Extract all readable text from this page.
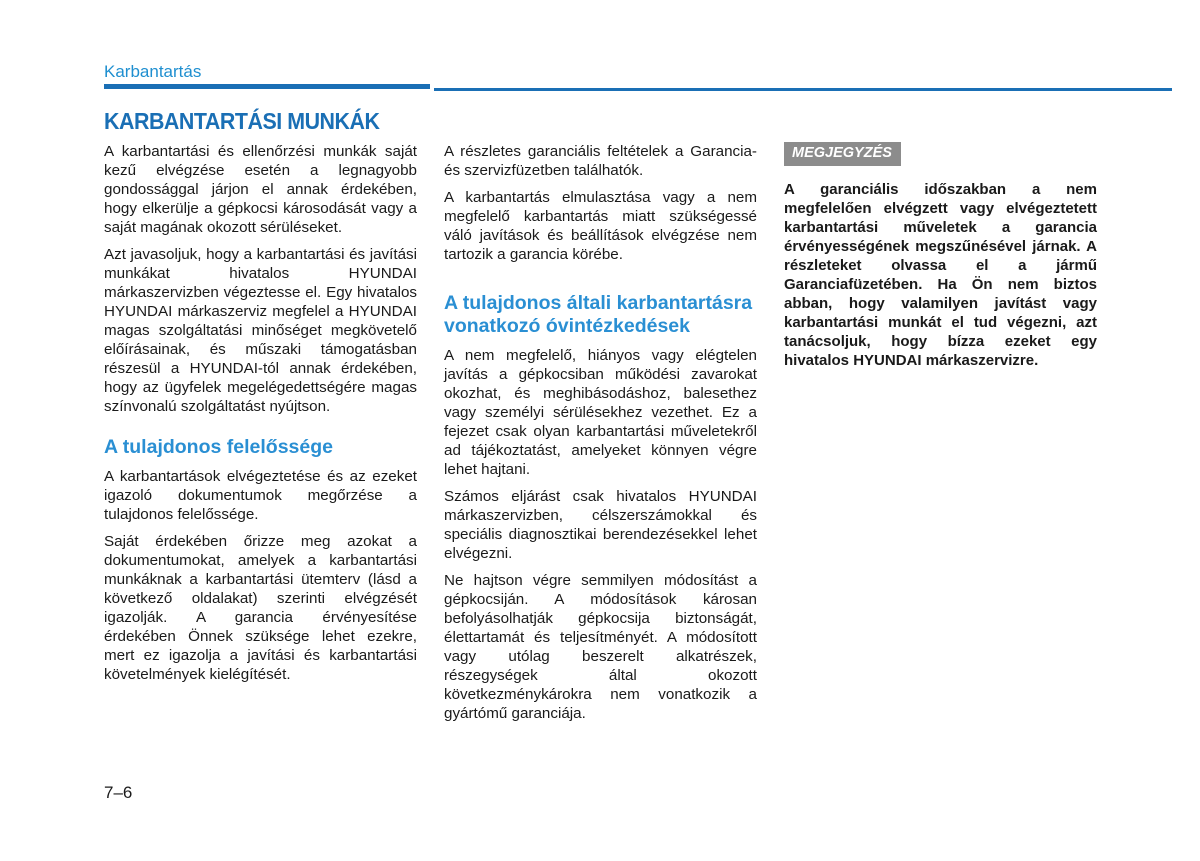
Karbantartás
KARBANTARTÁSI MUNKÁK

A karbantartási és ellenőrzési munkák saját kezű elvégzése esetén a legnagyobb gondossággal járjon el annak érdekében, hogy elkerülje a gépkocsi károsodását vagy a saját magának okozott sérüléseket.

Azt javasoljuk, hogy a karbantartási és javítási munkákat hivatalos HYUNDAI márkaszervizben végeztesse el. Egy hivatalos HYUNDAI márkaszerviz megfelel a HYUNDAI magas szolgáltatási minőséget megkövetelő előírásainak, és műszaki támogatásban részesül a HYUNDAI-tól annak érdekében, hogy az ügyfelek megelégedettségére magas színvonalú szolgáltatást nyújtson.

A tulajdonos felelőssége

A karbantartások elvégeztetése és az ezeket igazoló dokumentumok megőrzése a tulajdonos felelőssége.

Saját érdekében őrizze meg azokat a dokumentumokat, amelyek a karbantartási munkáknak a karbantartási ütemterv (lásd a következő oldalakat) szerinti elvégzését igazolják. A garancia érvényesítése érdekében Önnek szüksége lehet ezekre, mert ez igazolja a javítási és karbantartási követelmények kielégítését.

A részletes garanciális feltételek a Garancia- és szervizfüzetben találhatók.

A karbantartás elmulasztása vagy a nem megfelelő karbantartás miatt szükségessé váló javítások és beállítások elvégzése nem tartozik a garancia körébe.

A tulajdonos általi karbantartásra vonatkozó óvintézkedések

A nem megfelelő, hiányos vagy elégtelen javítás a gépkocsiban működési zavarokat okozhat, és meghibásodáshoz, balesethez vagy személyi sérülésekhez vezethet. Ez a fejezet csak olyan karbantartási műveletekről ad tájékoztatást, amelyeket könnyen végre lehet hajtani.

Számos eljárást csak hivatalos HYUNDAI márkaszervizben, célszerszámokkal és speciális diagnosztikai berendezésekkel lehet elvégezni.

Ne hajtson végre semmilyen módosítást a gépkocsiján. A módosítások károsan befolyásolhatják gépkocsija biztonságát, élettartamát és teljesítményét. A módosított vagy utólag beszerelt alkatrészek, részegységek által okozott következménykárokra nem vonatkozik a gyártómű garanciája.

MEGJEGYZÉS
A garanciális időszakban a nem megfelelően elvégzett vagy elvégeztetett karbantartási műveletek a garancia érvényességének megszűnésével járnak. A részleteket olvassa el a jármű Garanciafüzetében. Ha Ön nem biztos abban, hogy valamilyen javítást vagy karbantartási munkát el tud végezni, azt tanácsoljuk, hogy bízza ezeket egy hivatalos HYUNDAI márkaszervizre.
7–6
